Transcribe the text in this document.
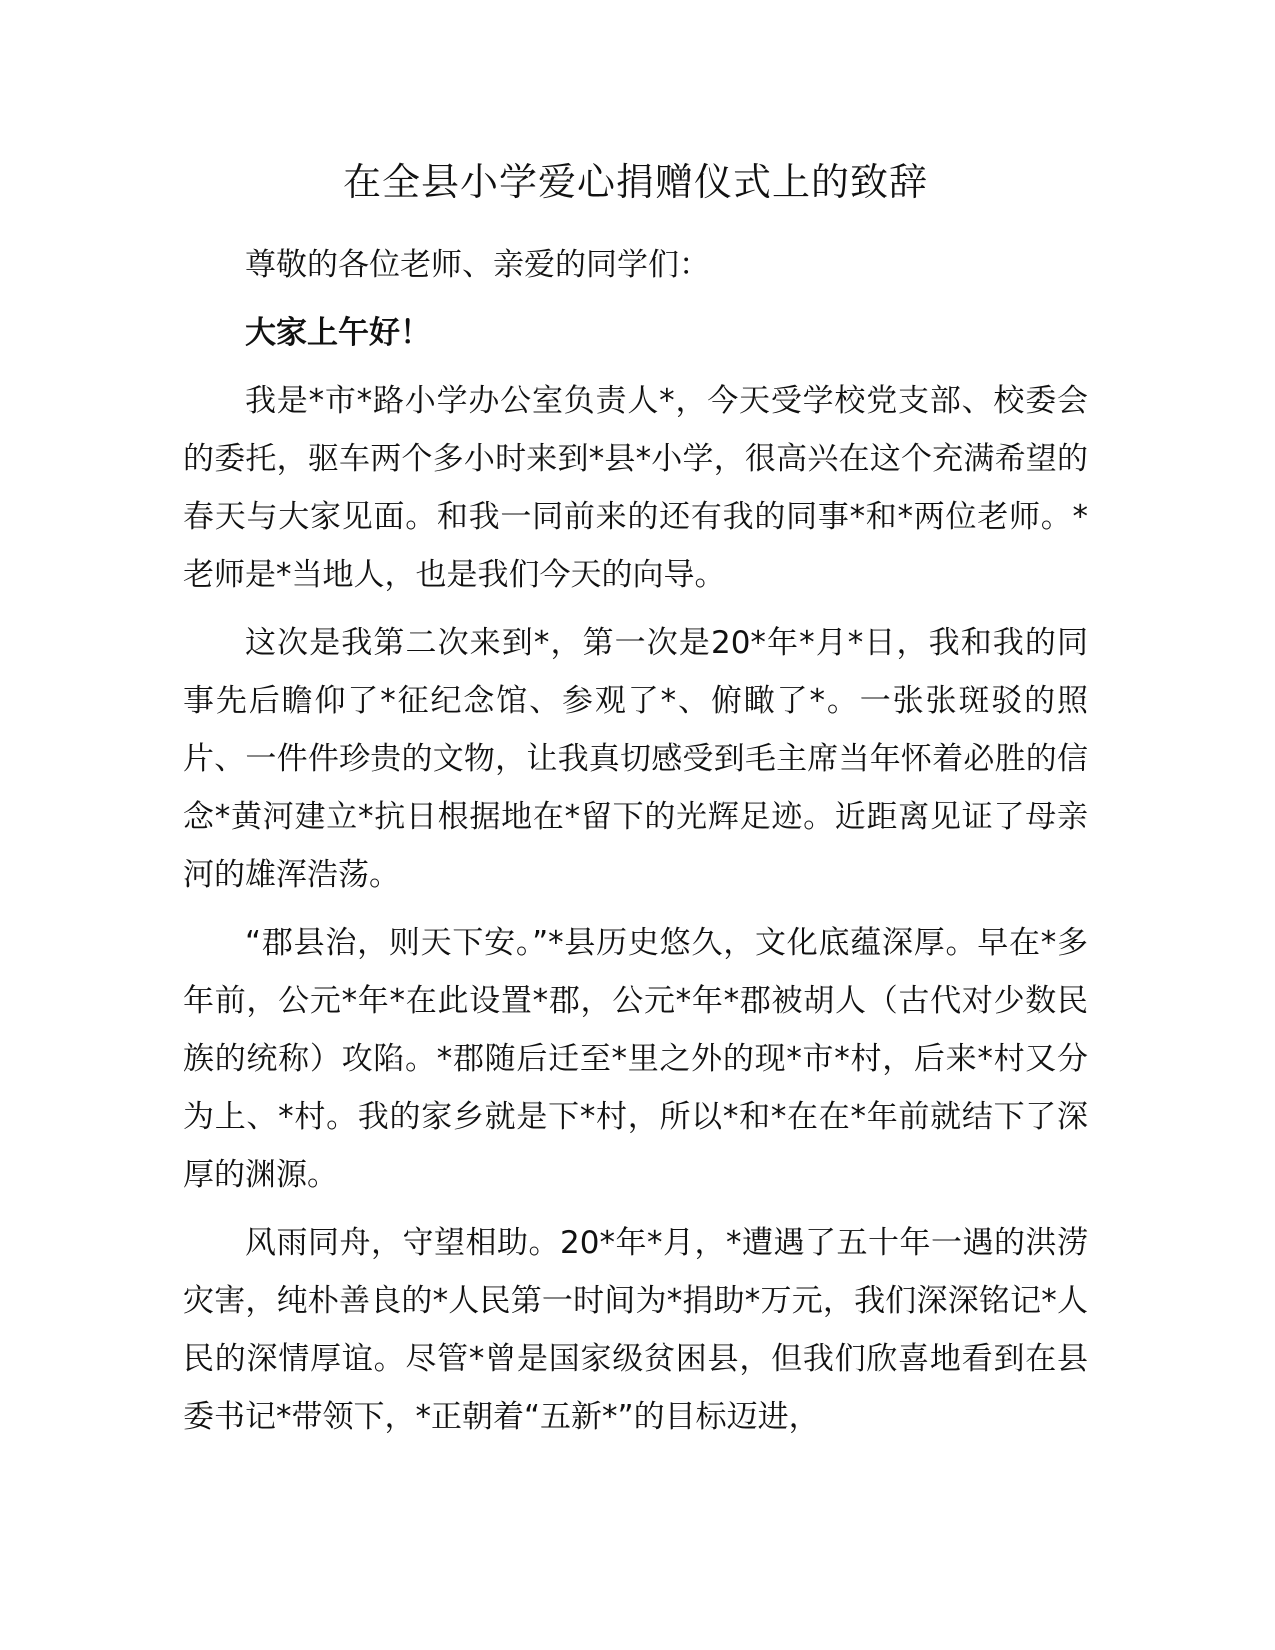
在全县小学爱心捐赠仪式上的致辞

尊敬的各位老师、亲爱的同学们：

大家上午好！

我是*市*路小学办公室负责人*，今天受学校党支部、校委会的委托，驱车两个多小时来到*县*小学，很高兴在这个充满希望的春天与大家见面。和我一同前来的还有我的同事*和*两位老师。*老师是*当地人，也是我们今天的向导。

这次是我第二次来到*，第一次是20*年*月*日，我和我的同事先后瞻仰了*征纪念馆、参观了*、俯瞰了*。一张张斑驳的照片、一件件珍贵的文物，让我真切感受到毛主席当年怀着必胜的信念*黄河建立*抗日根据地在*留下的光辉足迹。近距离见证了母亲河的雄浑浩荡。

“郡县治，则天下安。”*县历史悠久，文化底蕴深厚。早在*多年前，公元*年*在此设置*郡，公元*年*郡被胡人（古代对少数民族的统称）攻陷。*郡随后迁至*里之外的现*市*村，后来*村又分为上、*村。我的家乡就是下*村，所以*和*在在*年前就结下了深厚的渊源。

风雨同舟，守望相助。20*年*月，*遭遇了五十年一遇的洪涝灾害，纯朴善良的*人民第一时间为*捐助*万元，我们深深铭记*人民的深情厚谊。尽管*曾是国家级贫困县，但我们欣喜地看到在县委书记*带领下，*正朝着“五新*”的目标迈进，
